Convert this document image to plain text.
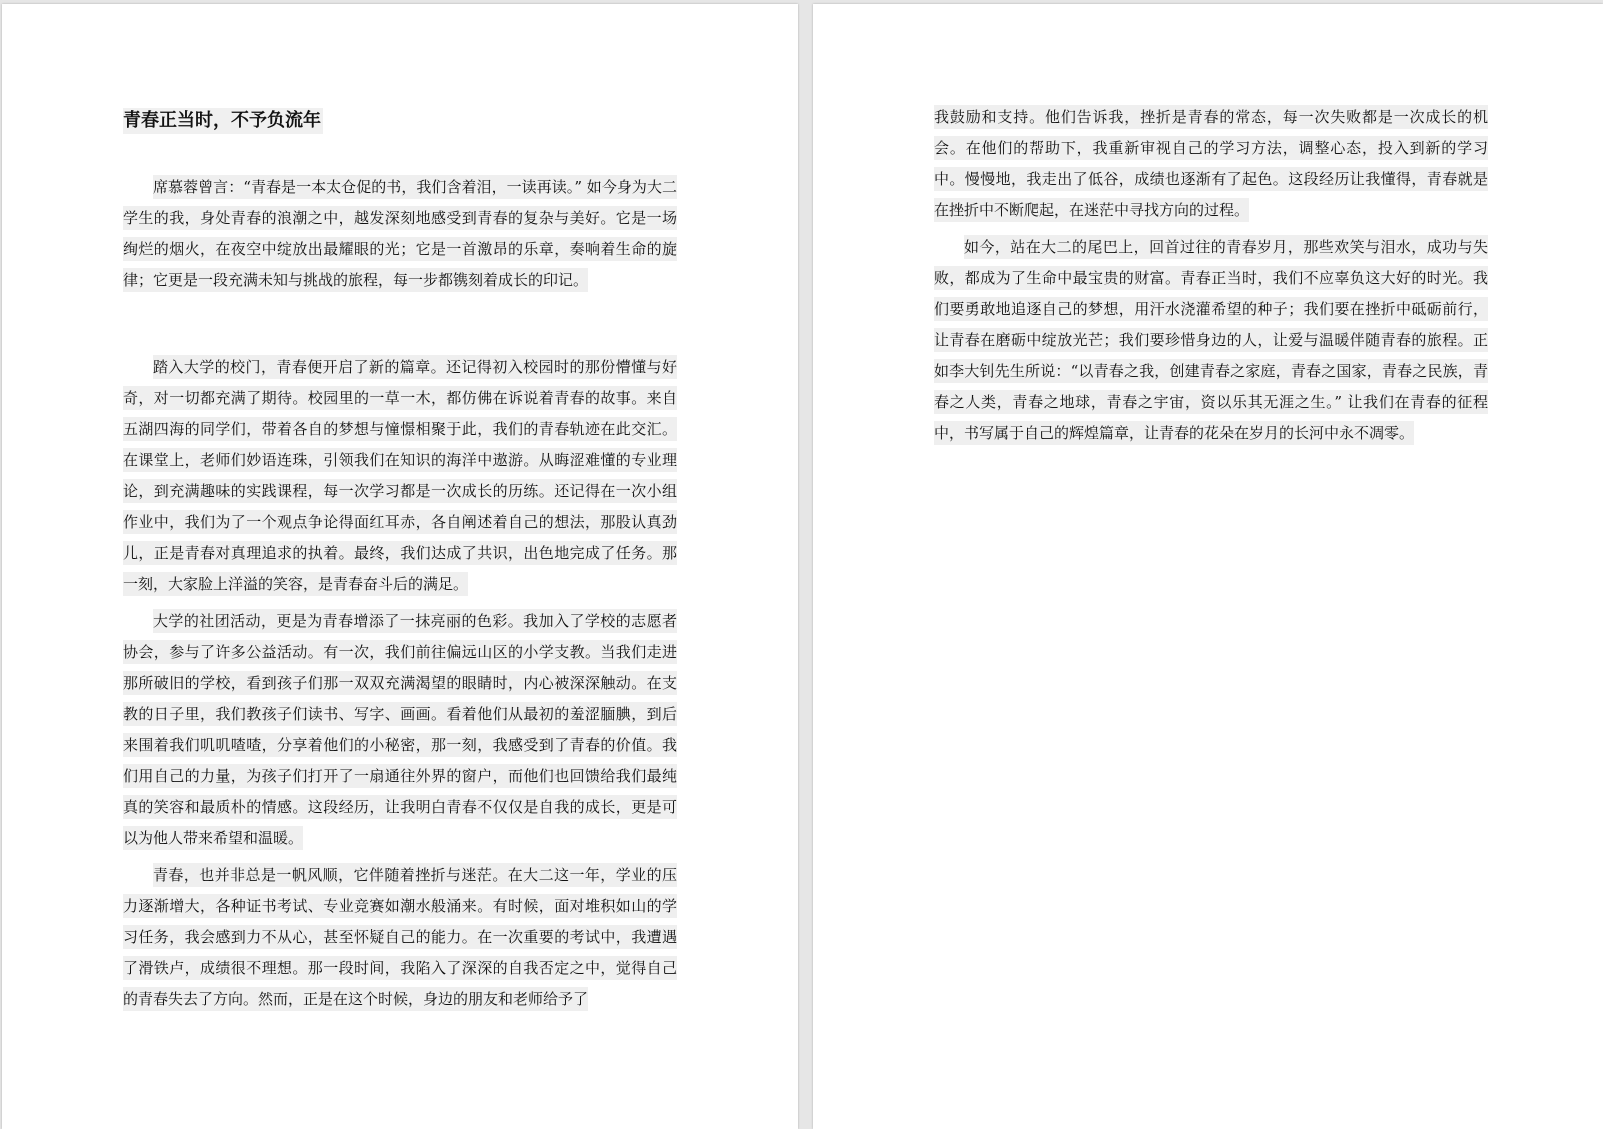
青春正当时，不予负流年

席慕蓉曾言：“青春是一本太仓促的书，我们含着泪，一读再读。” 如今身为大二学生的我，身处青春的浪潮之中，越发深刻地感受到青春的复杂与美好。它是一场绚烂的烟火，在夜空中绽放出最耀眼的光；它是一首激昂的乐章，奏响着生命的旋律；它更是一段充满未知与挑战的旅程，每一步都镌刻着成长的印记。

踏入大学的校门，青春便开启了新的篇章。还记得初入校园时的那份懵懂与好奇，对一切都充满了期待。校园里的一草一木，都仿佛在诉说着青春的故事。来自五湖四海的同学们，带着各自的梦想与憧憬相聚于此，我们的青春轨迹在此交汇。在课堂上，老师们妙语连珠，引领我们在知识的海洋中遨游。从晦涩难懂的专业理论，到充满趣味的实践课程，每一次学习都是一次成长的历练。还记得在一次小组作业中，我们为了一个观点争论得面红耳赤，各自阐述着自己的想法，那股认真劲儿，正是青春对真理追求的执着。最终，我们达成了共识，出色地完成了任务。那一刻，大家脸上洋溢的笑容，是青春奋斗后的满足。

大学的社团活动，更是为青春增添了一抹亮丽的色彩。我加入了学校的志愿者协会，参与了许多公益活动。有一次，我们前往偏远山区的小学支教。当我们走进那所破旧的学校，看到孩子们那一双双充满渴望的眼睛时，内心被深深触动。在支教的日子里，我们教孩子们读书、写字、画画。看着他们从最初的羞涩腼腆，到后来围着我们叽叽喳喳，分享着他们的小秘密，那一刻，我感受到了青春的价值。我们用自己的力量，为孩子们打开了一扇通往外界的窗户，而他们也回馈给我们最纯真的笑容和最质朴的情感。这段经历，让我明白青春不仅仅是自我的成长，更是可以为他人带来希望和温暖。

青春，也并非总是一帆风顺，它伴随着挫折与迷茫。在大二这一年，学业的压力逐渐增大，各种证书考试、专业竞赛如潮水般涌来。有时候，面对堆积如山的学习任务，我会感到力不从心，甚至怀疑自己的能力。在一次重要的考试中，我遭遇了滑铁卢，成绩很不理想。那一段时间，我陷入了深深的自我否定之中，觉得自己的青春失去了方向。然而，正是在这个时候，身边的朋友和老师给予了

我鼓励和支持。他们告诉我，挫折是青春的常态，每一次失败都是一次成长的机会。在他们的帮助下，我重新审视自己的学习方法，调整心态，投入到新的学习中。慢慢地，我走出了低谷，成绩也逐渐有了起色。这段经历让我懂得，青春就是在挫折中不断爬起，在迷茫中寻找方向的过程。

如今，站在大二的尾巴上，回首过往的青春岁月，那些欢笑与泪水，成功与失败，都成为了生命中最宝贵的财富。青春正当时，我们不应辜负这大好的时光。我们要勇敢地追逐自己的梦想，用汗水浇灌希望的种子；我们要在挫折中砥砺前行，让青春在磨砺中绽放光芒；我们要珍惜身边的人，让爱与温暖伴随青春的旅程。正如李大钊先生所说：“以青春之我，创建青春之家庭，青春之国家，青春之民族，青春之人类，青春之地球，青春之宇宙，资以乐其无涯之生。” 让我们在青春的征程中，书写属于自己的辉煌篇章，让青春的花朵在岁月的长河中永不凋零。
